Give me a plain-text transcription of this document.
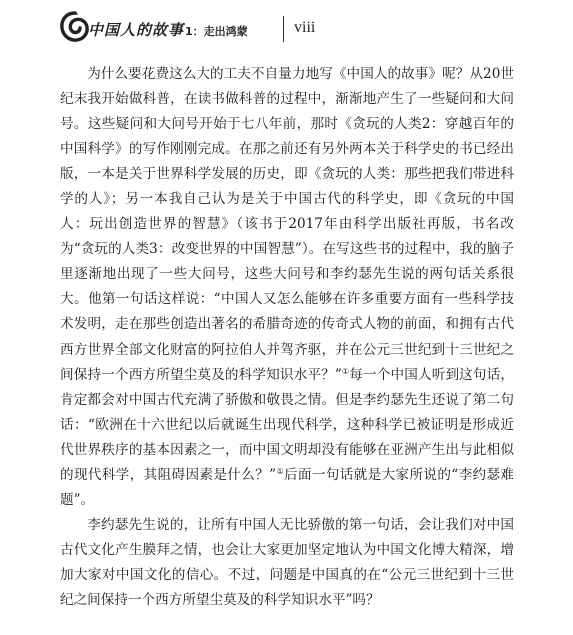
中国人的故事 1：走出鸿蒙	viii

为什么要花费这么大的工夫不自量力地写《中国人的故事》呢？从20世纪末我开始做科普，在读书做科普的过程中，渐渐地产生了一些疑问和大问号。这些疑问和大问号开始于七八年前，那时《贪玩的人类2：穿越百年的中国科学》的写作刚刚完成。在那之前还有另外两本关于科学史的书已经出版，一本是关于世界科学发展的历史，即《贪玩的人类：那些把我们带进科学的人》；另一本我自己认为是关于中国古代的科学史，即《贪玩的中国人：玩出创造世界的智慧》（该书于2017年由科学出版社再版，书名改为“贪玩的人类3：改变世界的中国智慧”）。在写这些书的过程中，我的脑子里逐渐地出现了一些大问号，这些大问号和李约瑟先生说的两句话关系很大。他第一句话这样说：“中国人又怎么能够在许多重要方面有一些科学技术发明，走在那些创造出著名的希腊奇迹的传奇式人物的前面，和拥有古代西方世界全部文化财富的阿拉伯人并驾齐驱，并在公元三世纪到十三世纪之间保持一个西方所望尘莫及的科学知识水平？”①每一个中国人听到这句话，肯定都会对中国古代充满了骄傲和敬畏之情。但是李约瑟先生还说了第二句话：“欧洲在十六世纪以后就诞生出现代科学，这种科学已被证明是形成近代世界秩序的基本因素之一，而中国文明却没有能够在亚洲产生出与此相似的现代科学，其阻碍因素是什么？”①后面一句话就是大家所说的“李约瑟难题”。

李约瑟先生说的，让所有中国人无比骄傲的第一句话，会让我们对中国古代文化产生膜拜之情，也会让大家更加坚定地认为中国文化博大精深，增加大家对中国文化的信心。不过，问题是中国真的在“公元三世纪到十三世纪之间保持一个西方所望尘莫及的科学知识水平”吗？
